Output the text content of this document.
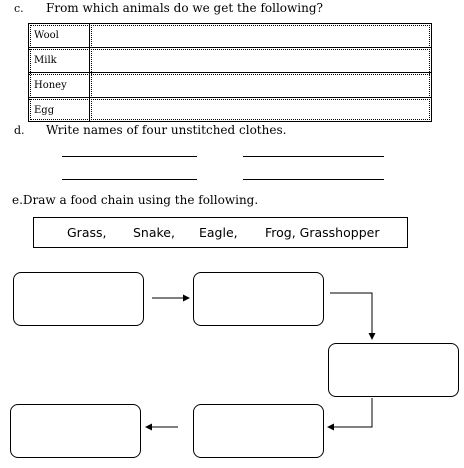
c. From which animals do we get the following?
Wool
Milk
Honey
Egg
d. Write names of four unstitched clothes.
e.Draw a food chain using the following.
Grass, Snake, Eagle, Frog, Grasshopper
